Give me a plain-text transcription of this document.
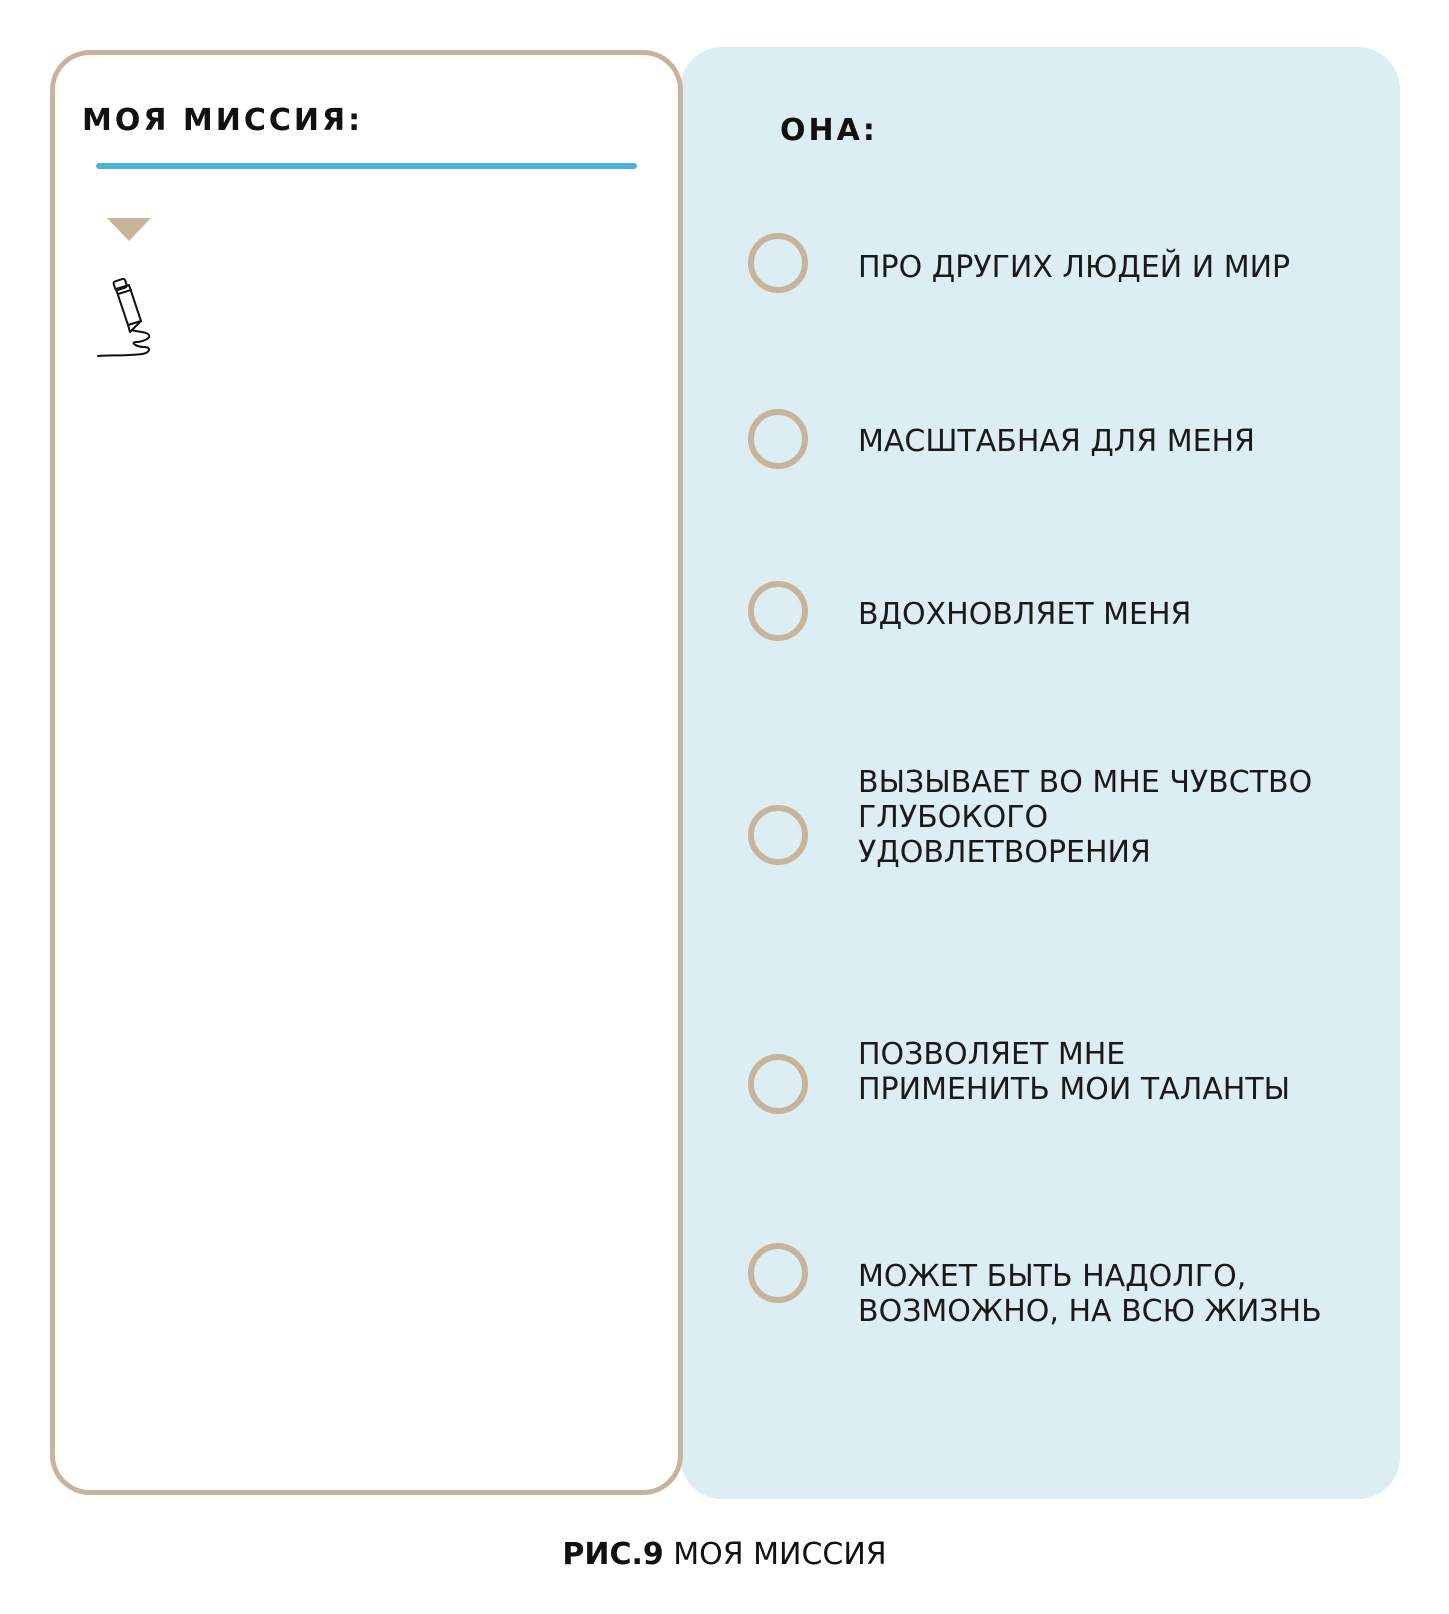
ОНА:

ПРО ДРУГИХ ЛЮДЕЙ И МИР

МАСШТАБНАЯ ДЛЯ МЕНЯ

ВДОХНОВЛЯЕТ МЕНЯ

ВЫЗЫВАЕТ ВО МНЕ ЧУВСТВО
ГЛУБОКОГО
УДОВЛЕТВОРЕНИЯ

ПОЗВОЛЯЕТ МНЕ
ПРИМЕНИТЬ МОИ ТАЛАНТЫ

МОЖЕТ БЫТЬ НАДОЛГО,
ВОЗМОЖНО, НА ВСЮ ЖИЗНЬ

МОЯ МИССИЯ:
РИС.9 МОЯ МИССИЯ
